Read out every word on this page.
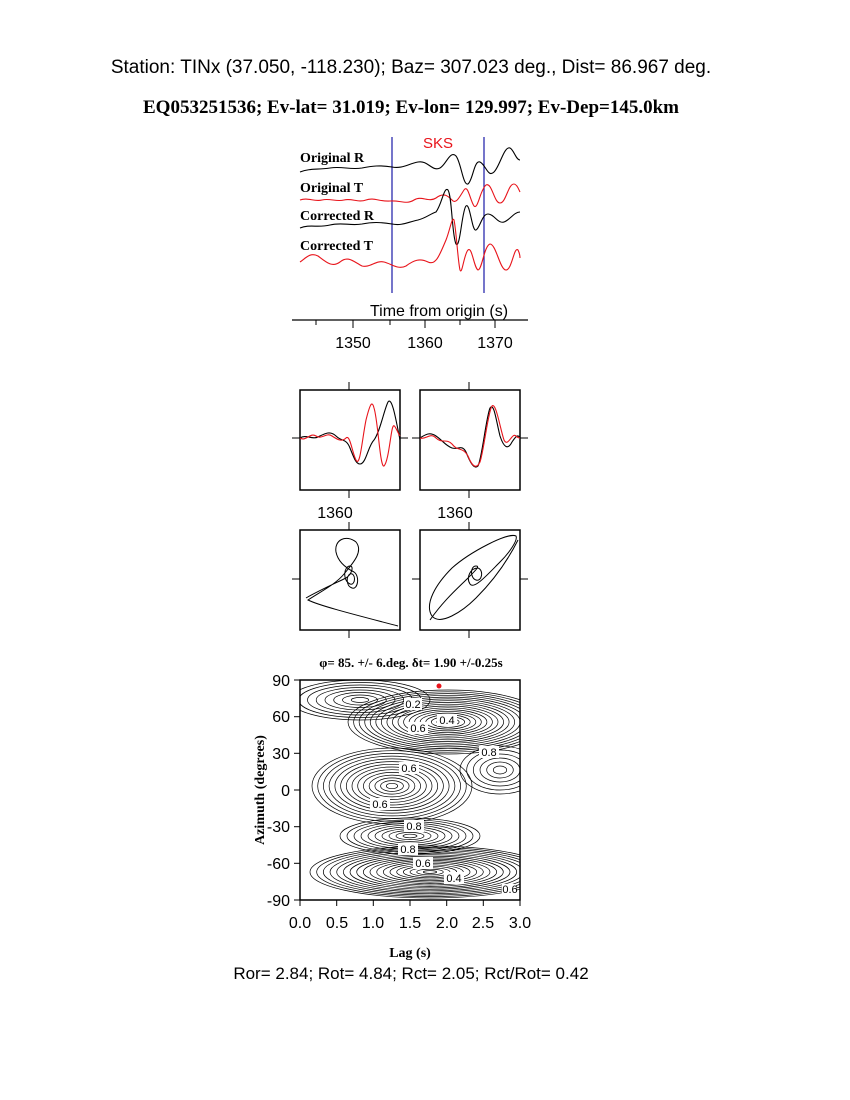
Station: TINx (37.050, -118.230); Baz= 307.023 deg., Dist= 86.967 deg.
EQ053251536; Ev-lat= 31.019; Ev-lon= 129.997; Ev-Dep=145.0km
SKS
Original R
Original T
Corrected R
Corrected T
Time from origin (s)
1350 1360 1370
1360	1360
0.2
0.4
0.6
0.8
0.6
0.6
0.8
0.8
0.6
0.4
0.6
90
60
30
0
-30
-60
-90
0.0 0.5 1.0 1.5 2.0 2.5 3.0
Lag (s)
Azimuth (degrees)
φ= 85. +/- 6.deg. δt= 1.90 +/-0.25s
Ror= 2.84; Rot= 4.84; Rct= 2.05; Rct/Rot= 0.42
